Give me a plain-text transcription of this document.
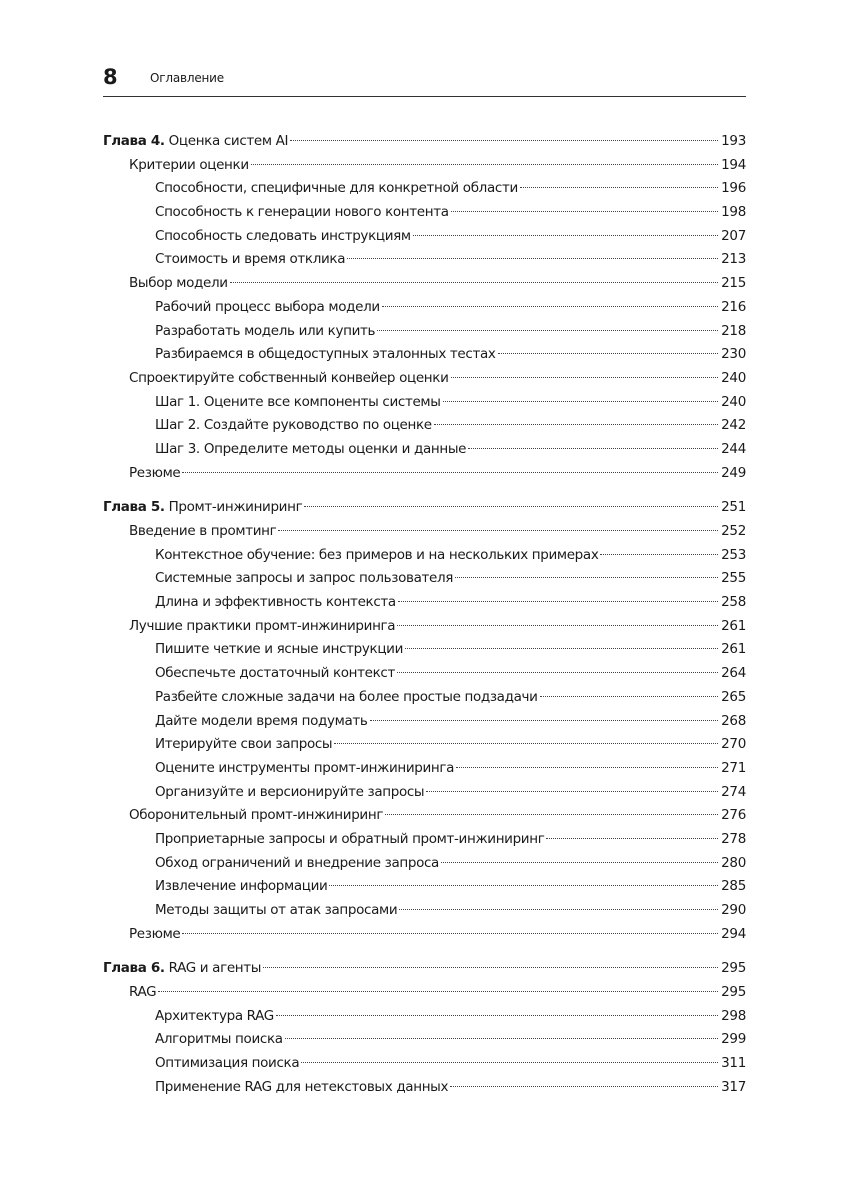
8	Оглавление
Глава 4. Оценка систем AI	193
Критерии оценки	194
Способности, специфичные для конкретной области	196
Способность к генерации нового контента	198
Способность следовать инструкциям	207
Стоимость и время отклика	213
Выбор модели	215
Рабочий процесс выбора модели	216
Разработать модель или купить	218
Разбираемся в общедоступных эталонных тестах	230
Спроектируйте собственный конвейер оценки	240
Шаг 1. Оцените все компоненты системы	240
Шаг 2. Создайте руководство по оценке	242
Шаг 3. Определите методы оценки и данные	244
Резюме	249
Глава 5. Промт-инжиниринг	251
Введение в промтинг	252
Контекстное обучение: без примеров и на нескольких примерах	253
Системные запросы и запрос пользователя	255
Длина и эффективность контекста	258
Лучшие практики промт-инжиниринга	261
Пишите четкие и ясные инструкции	261
Обеспечьте достаточный контекст	264
Разбейте сложные задачи на более простые подзадачи	265
Дайте модели время подумать	268
Итерируйте свои запросы	270
Оцените инструменты промт-инжиниринга	271
Организуйте и версионируйте запросы	274
Оборонительный промт-инжиниринг	276
Проприетарные запросы и обратный промт-инжиниринг	278
Обход ограничений и внедрение запроса	280
Извлечение информации	285
Методы защиты от атак запросами	290
Резюме	294
Глава 6. RAG и агенты	295
RAG	295
Архитектура RAG	298
Алгоритмы поиска	299
Оптимизация поиска	311
Применение RAG для нетекстовых данных	317
